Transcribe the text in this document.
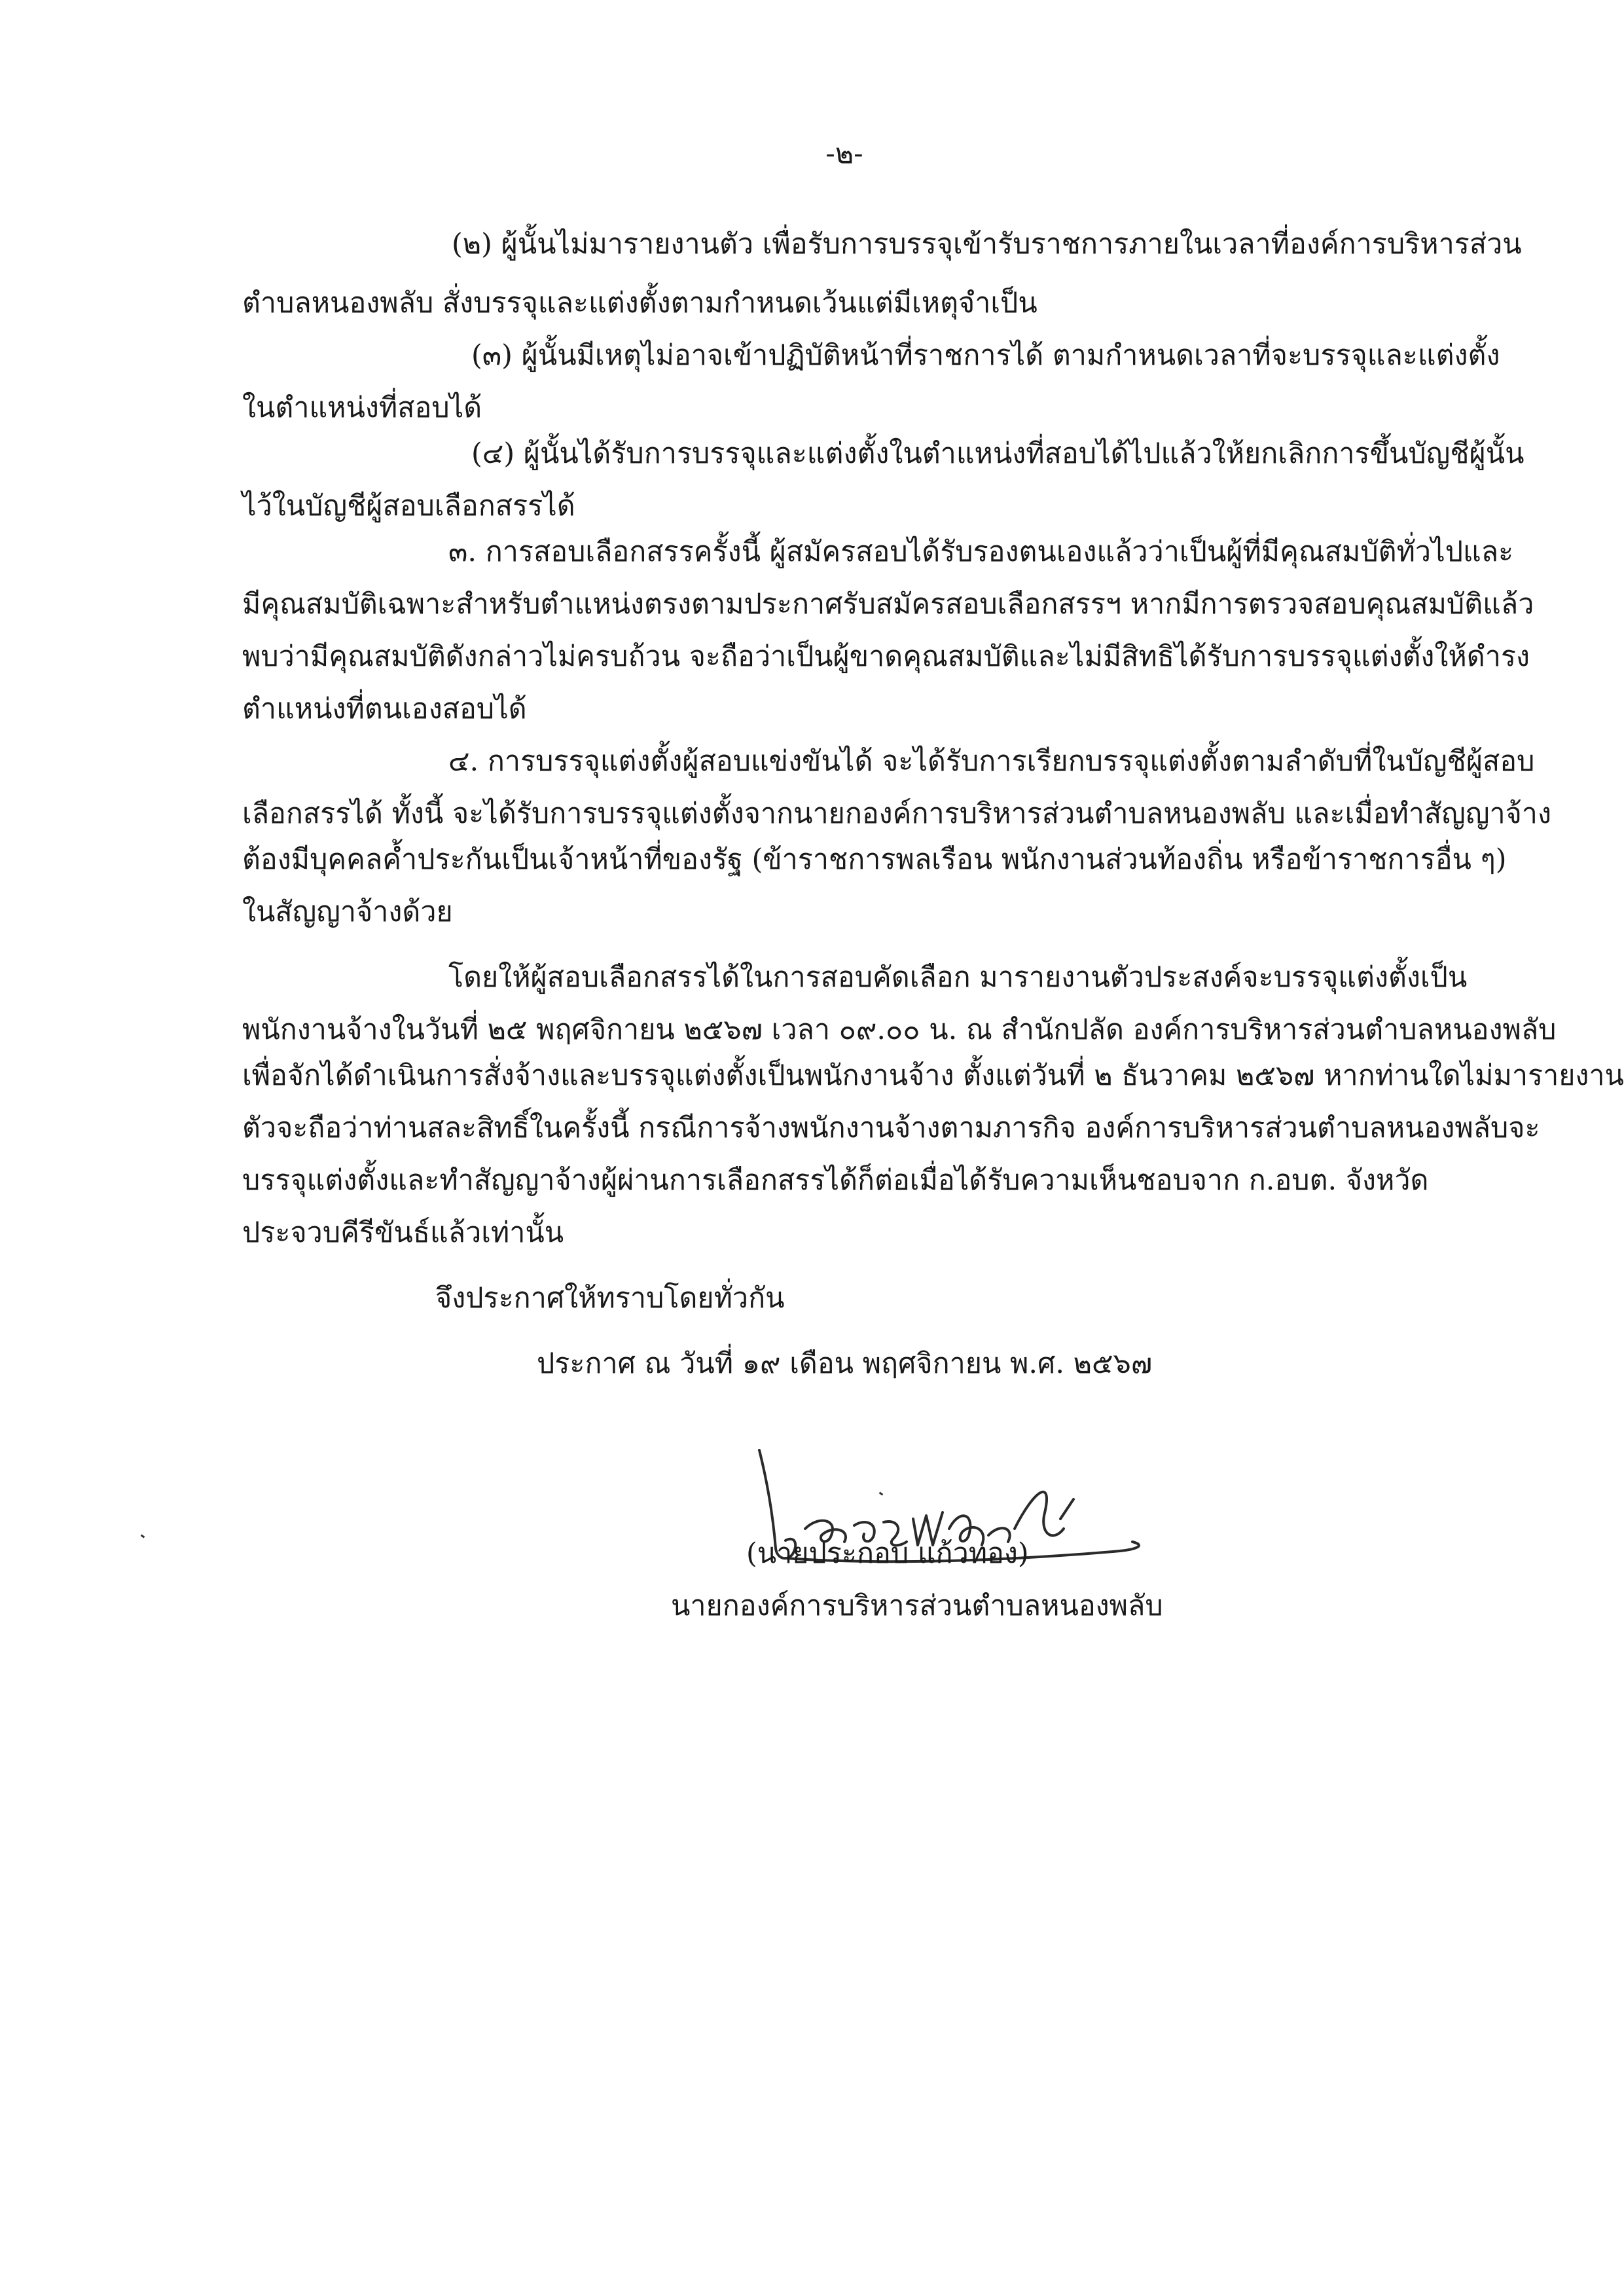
-๒-
(๒) ผู้นั้นไม่มารายงานตัว เพื่อรับการบรรจุเข้ารับราชการภายในเวลาที่องค์การบริหารส่วน
ตำบลหนองพลับ สั่งบรรจุและแต่งตั้งตามกำหนดเว้นแต่มีเหตุจำเป็น
(๓) ผู้นั้นมีเหตุไม่อาจเข้าปฏิบัติหน้าที่ราชการได้ ตามกำหนดเวลาที่จะบรรจุและแต่งตั้ง
ในตำแหน่งที่สอบได้
(๔) ผู้นั้นได้รับการบรรจุและแต่งตั้งในตำแหน่งที่สอบได้ไปแล้วให้ยกเลิกการขึ้นบัญชีผู้นั้น
ไว้ในบัญชีผู้สอบเลือกสรรได้
๓. การสอบเลือกสรรครั้งนี้ ผู้สมัครสอบได้รับรองตนเองแล้วว่าเป็นผู้ที่มีคุณสมบัติทั่วไปและ
มีคุณสมบัติเฉพาะสำหรับตำแหน่งตรงตามประกาศรับสมัครสอบเลือกสรรฯ หากมีการตรวจสอบคุณสมบัติแล้ว
พบว่ามีคุณสมบัติดังกล่าวไม่ครบถ้วน จะถือว่าเป็นผู้ขาดคุณสมบัติและไม่มีสิทธิได้รับการบรรจุแต่งตั้งให้ดำรง
ตำแหน่งที่ตนเองสอบได้
๔. การบรรจุแต่งตั้งผู้สอบแข่งขันได้ จะได้รับการเรียกบรรจุแต่งตั้งตามลำดับที่ในบัญชีผู้สอบ
เลือกสรรได้ ทั้งนี้ จะได้รับการบรรจุแต่งตั้งจากนายกองค์การบริหารส่วนตำบลหนองพลับ และเมื่อทำสัญญาจ้าง
ต้องมีบุคคลค้ำประกันเป็นเจ้าหน้าที่ของรัฐ (ข้าราชการพลเรือน พนักงานส่วนท้องถิ่น หรือข้าราชการอื่น ๆ)
ในสัญญาจ้างด้วย
โดยให้ผู้สอบเลือกสรรได้ในการสอบคัดเลือก มารายงานตัวประสงค์จะบรรจุแต่งตั้งเป็น
พนักงานจ้างในวันที่ ๒๕ พฤศจิกายน ๒๕๖๗ เวลา ๐๙.๐๐ น. ณ สำนักปลัด องค์การบริหารส่วนตำบลหนองพลับ
เพื่อจักได้ดำเนินการสั่งจ้างและบรรจุแต่งตั้งเป็นพนักงานจ้าง ตั้งแต่วันที่ ๒ ธันวาคม ๒๕๖๗ หากท่านใดไม่มารายงาน
ตัวจะถือว่าท่านสละสิทธิ์ในครั้งนี้ กรณีการจ้างพนักงานจ้างตามภารกิจ องค์การบริหารส่วนตำบลหนองพลับจะ
บรรจุแต่งตั้งและทำสัญญาจ้างผู้ผ่านการเลือกสรรได้ก็ต่อเมื่อได้รับความเห็นชอบจาก ก.อบต. จังหวัด
ประจวบคีรีขันธ์แล้วเท่านั้น
จึงประกาศให้ทราบโดยทั่วกัน
ประกาศ ณ วันที่ ๑๙ เดือน พฤศจิกายน พ.ศ. ๒๕๖๗
(นายประกอบ แก้วทอง)
นายกองค์การบริหารส่วนตำบลหนองพลับ
